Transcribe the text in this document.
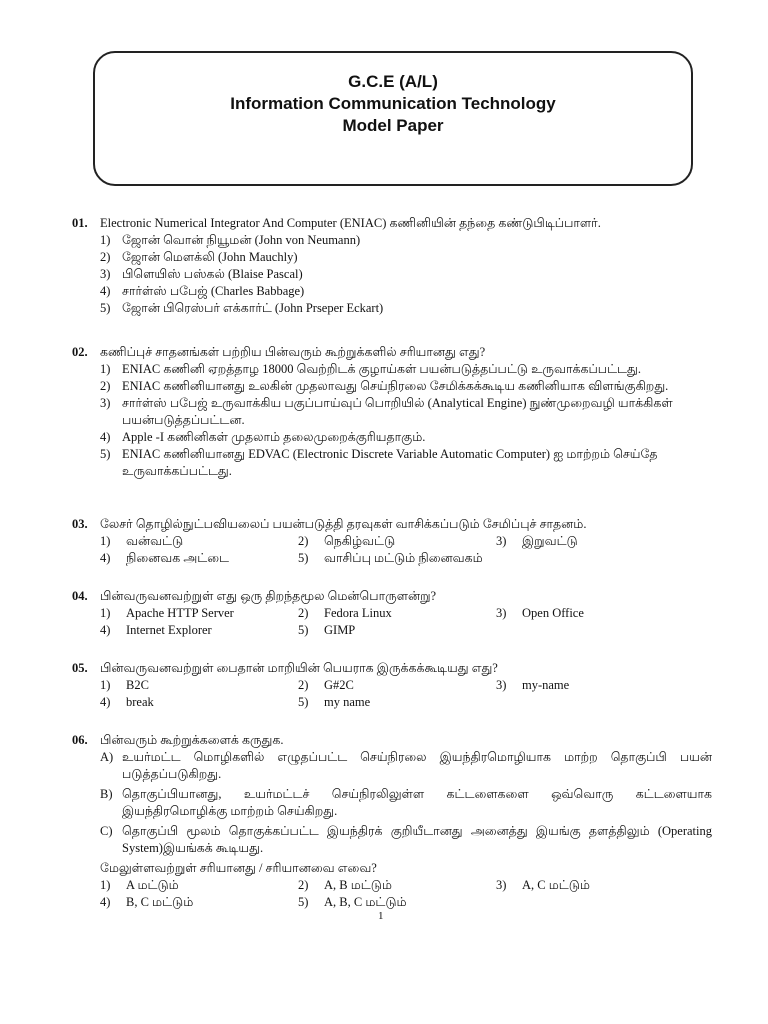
G.C.E (A/L)
Information Communication Technology
Model Paper
01. Electronic Numerical Integrator And Computer (ENIAC) கணினியின் தந்தை கண்டுபிடிப்பாளர்.
1) ஜோன் வொன் நியூமன் (John von Neumann)
2) ஜோன் மௌக்லி (John Mauchly)
3) பிளெயிஸ் பஸ்கல் (Blaise Pascal)
4) சார்ள்ஸ் பபேஜ் (Charles Babbage)
5) ஜோன் பிரெஸ்பர் எக்கார்ட் (John Prseper Eckart)
02. கணிப்புச் சாதனங்கள் பற்றிய பின்வரும் கூற்றுக்களில் சரியானது எது?
1) ENIAC கணினி ஏறத்தாழ 18000 வெற்றிடக் குழாய்கள் பயன்படுத்தப்பட்டு உருவாக்கப்பட்டது.
2) ENIAC கணினியானது உலகின் முதலாவது செய்நிரலை சேமிக்கக்கூடிய கணினியாக விளங்குகிறது.
3) சார்ள்ஸ் பபேஜ் உருவாக்கிய பகுப்பாய்வுப் பொறியில் (Analytical Engine) நுண்முறைவழி யாக்கிகள் பயன்படுத்தப்பட்டன.
4) Apple -I கணினிகள் முதலாம் தலைமுறைக்குரியதாகும்.
5) ENIAC கணினியானது EDVAC (Electronic Discrete Variable Automatic Computer) ஐ மாற்றம் செய்தே உருவாக்கப்பட்டது.
03. லேசர் தொழில்நுட்பவியலைப் பயன்படுத்தி தரவுகள் வாசிக்கப்படும் சேமிப்புச் சாதனம்.
1)	வன்வட்டு	2)	நெகிழ்வட்டு	3)	இறுவட்டு
4)	நினைவக அட்டை	5)	வாசிப்பு மட்டும் நினைவகம்
04. பின்வருவனவற்றுள் எது ஒரு திறந்தமூல மென்பொருளன்று?
1)	Apache HTTP Server	2)	Fedora Linux	3)	Open Office
4)	Internet Explorer	5)	GIMP
05. பின்வருவனவற்றுள் பைதான் மாறியின் பெயராக இருக்கக்கூடியது எது?
1)	B2C	2)	G#2C	3)	my-name
4)	break	5)	my name
06. பின்வரும் கூற்றுக்களைக் கருதுக.
A) உயர்மட்ட மொழிகளில் எழுதப்பட்ட செய்நிரலை இயந்திரமொழியாக மாற்ற தொகுப்பி பயன் படுத்தப்படுகிறது.
B) தொகுப்பியானது, உயர்மட்டச் செய்நிரலிலுள்ள கட்டளைகளை ஒவ்வொரு கட்டளையாக இயந்திரமொழிக்கு மாற்றம் செய்கிறது.
C) தொகுப்பி மூலம் தொகுக்கப்பட்ட இயந்திரக் குறியீடானது அனைத்து இயங்கு தளத்திலும் (Operating System)இயங்கக் கூடியது.
மேலுள்ளவற்றுள் சரியானது / சரியானவை எவை?
1)	A மட்டும்	2)	A, B மட்டும்	3)	A, C மட்டும்
4)	B, C மட்டும்	5)	A, B, C மட்டும்
1
